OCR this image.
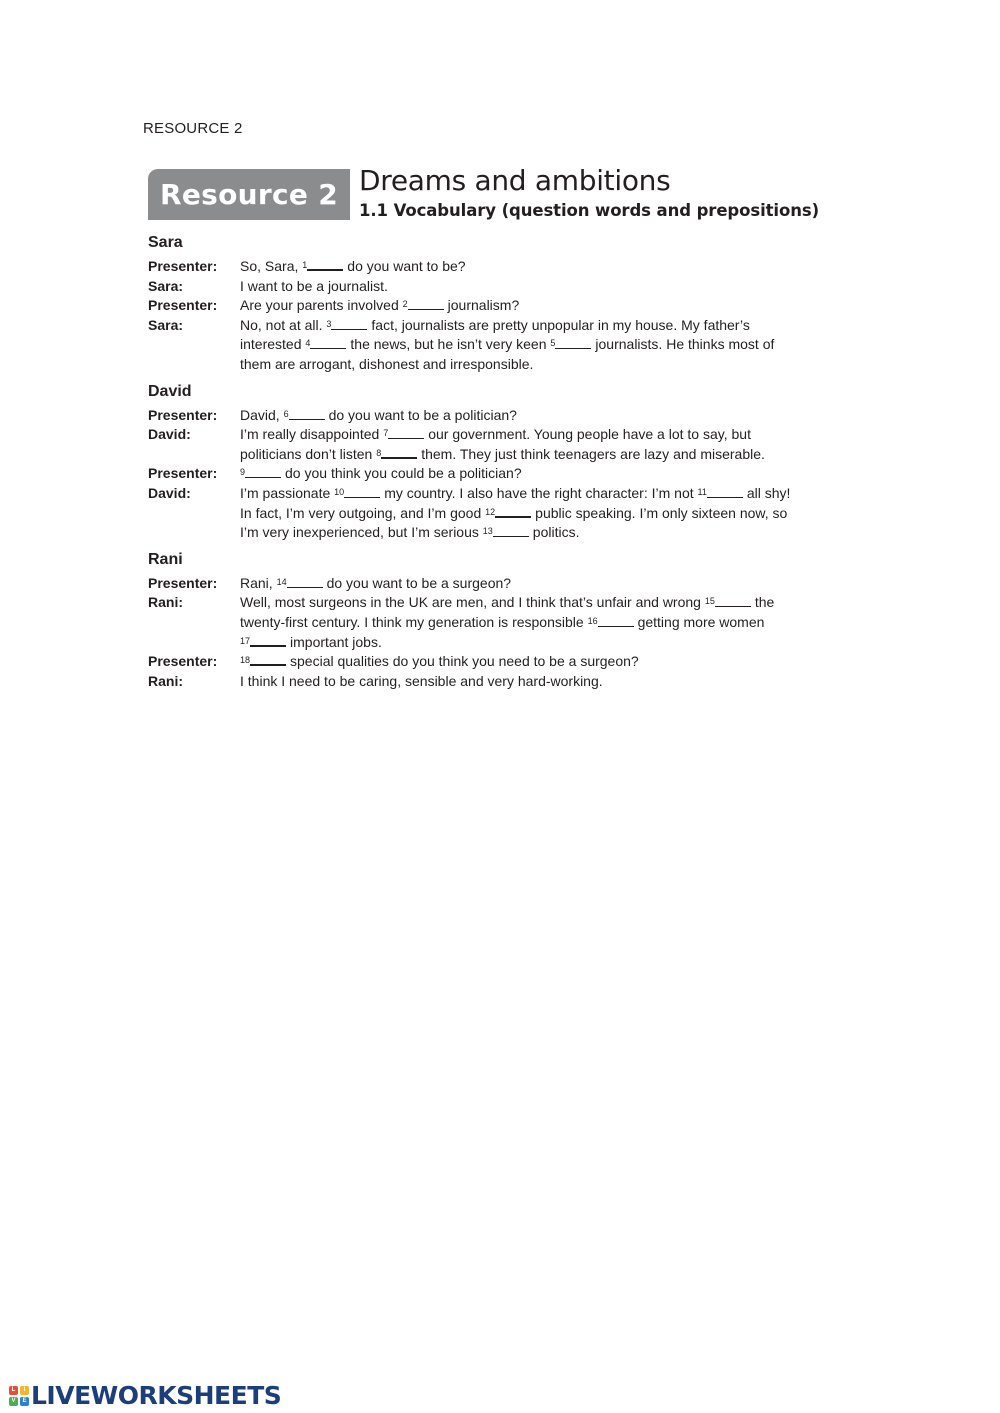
RESOURCE 2
Resource 2 Dreams and ambitions
1.1 Vocabulary (question words and prepositions)
Sara
Presenter:	So, Sara, $^1$	do you want to be?
Sara:	I want to be a journalist.
Presenter:	Are your parents involved $^2$	journalism?
Sara:	No, not at all. $^3$	fact, journalists are pretty unpopular in my house. My father’s
interested $^4$	the news, but he isn’t very keen $^5$	journalists. He thinks most of
them are arrogant, dishonest and irresponsible.
David
Presenter:	David, $^6$	do you want to be a politician?
David:	I’m really disappointed $^7$	our government. Young people have a lot to say, but
politicians don’t listen $^8$	them. They just think teenagers are lazy and miserable.
Presenter:	$^9$	do you think you could be a politician?
David:	I’m passionate $^{10}$	my country. I also have the right character: I’m not $^{11}$	all shy!
In fact, I’m very outgoing, and I’m good $^{12}$	public speaking. I’m only sixteen now, so
I’m very inexperienced, but I’m serious $^{13}$	politics.
Rani
Presenter:	Rani, $^{14}$	do you want to be a surgeon?
Rani:	Well, most surgeons in the UK are men, and I think that’s unfair and wrong $^{15}$	the
twenty-first century. I think my generation is responsible $^{16}$	getting more women
$^{17}$	important jobs.
Presenter:	$^{18}$	special qualities do you think you need to be a surgeon?
Rani:	I think I need to be caring, sensible and very hard-working.
L	I
V	E LIVEWORKSHEETS
